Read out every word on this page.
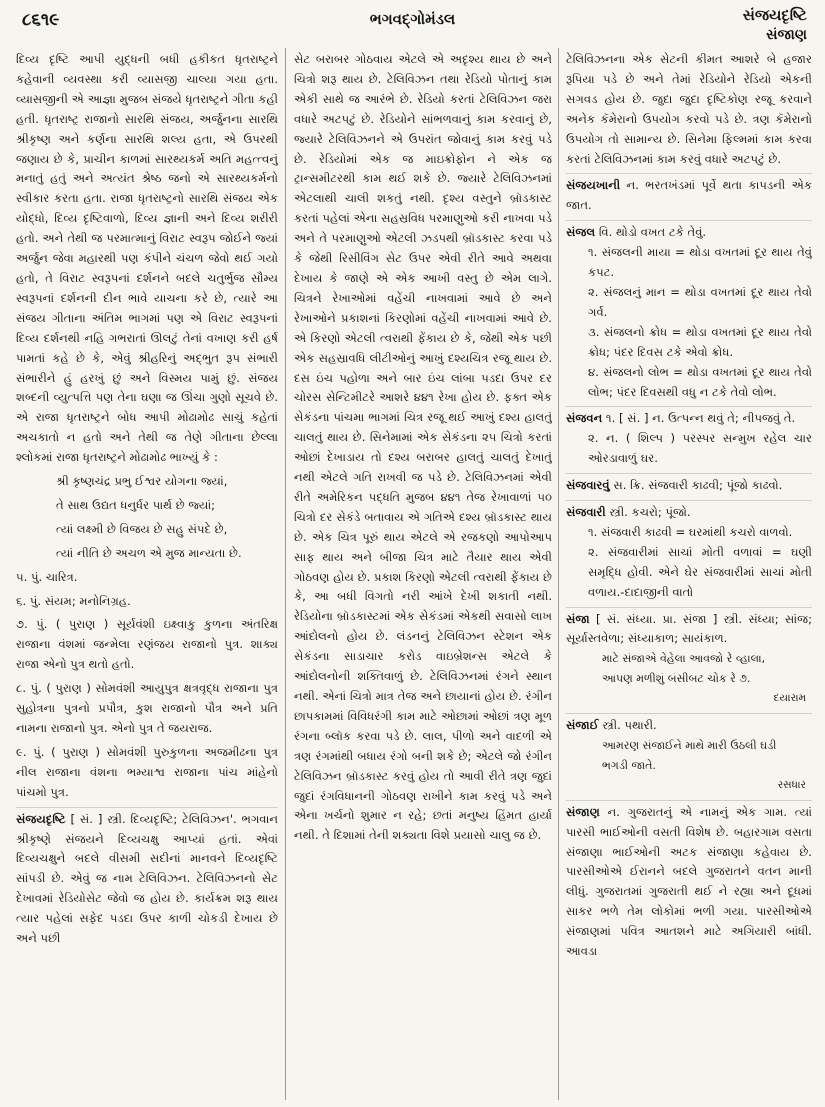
૮૬૧૯	ભગવદ્ગોમંડલ	સંજયદૃષ્ટિ
સંજાણ

દિવ્ય દૃષ્ટિ આપી યુદ્ધની બધી હકીકત ધૃતરાષ્ટ્રને કહેવાની વ્યવસ્થા કરી વ્યાસજી ચાલ્યા ગયા હતા. વ્યાસજીની એ આજ્ઞા મુજબ સંજયે ધૃતરાષ્ટ્રને ગીતા કહી હતી. ધૃતરાષ્ટ્ર રાજાનો સારથિ સંજય, અર્જુનના સારથિ શ્રીકૃષ્ણ અને કર્ણના સારથિ શલ્ય હતા, એ ઉપરથી જણાય છે કે, પ્રાચીન કાળમાં સારથ્યકર્મ અતિ મહત્ત્વનું મનાતું હતું અને અત્યંત શ્રેષ્ઠ જનો એ સારથ્યકર્મનો સ્વીકાર કરતા હતા. રાજા ધૃતરાષ્ટ્રનો સારથિ સંજય એક યોદ્ધો, દિવ્ય દૃષ્ટિવાળો, દિવ્ય જ્ઞાની અને દિવ્ય શરીરી હતો. અને તેથી જ પરમાત્માનું વિરાટ સ્વરૂપ જોઈને જ્યાં અર્જુન જેવા મહારથી પણ કંપીને ચંચળ જેવો થઈ ગયો હતો, તે વિરાટ સ્વરૂપનાં દર્શનને બદલે ચતુર્ભુજ સૌમ્ય સ્વરૂપનાં દર્શનની દીન ભાવે યાચના કરે છે, ત્યારે આ સંજય ગીતાના અંતિમ ભાગમાં પણ એ વિરાટ સ્વરૂપનાં દિવ્ય દર્શનથી નહિ ગભરાતાં ઊલટું તેનાં વખાણ કરી હર્ષ પામતાં કહે છે કે, એવું શ્રીહરિનું અદ્ભુત રૂપ સંભારી સંભારીને હું હરખું છું અને વિસ્મય પામું છું. સંજય શબ્દની વ્યુત્પત્તિ પણ તેના ઘણા જ ઊંચા ગુણો સૂચવે છે. એ રાજા ધૃતરાષ્ટ્રને બોધ આપી મોઢામોઢ સાચું કહેતાં અચકાતો ન હતો અને તેથી જ તેણે ગીતાના છેલ્લા શ્લોકમાં રાજા ધૃતરાષ્ટ્રને મોઢામોઢ ભાખ્યું કે :

શ્રી કૃષ્ણચંદ્ર પ્રભુ ઈશ્વર યોગના જ્યાં,

તે સાથ ઉદ્યત ધનુર્ધર પાર્થ છે જ્યાં;

ત્યાં લક્ષ્મી છે વિજય છે સહુ સંપદે છે,

ત્યાં નીતિ છે અચળ એ મુજ માન્યતા છે.

૫. પું. ચારિત્ર.

૬. પું. સંયમ; મનોનિગ્રહ.

૭. પું. ( પુરાણ ) સૂર્યવંશી ઇક્ષ્વાકુ કુળના અંતરિક્ષ રાજાના વંશમાં જન્મેલા રણંજય રાજાનો પુત્ર. શાક્ય રાજા એનો પુત્ર થતો હતો.

૮. પું. ( પુરાણ ) સોમવંશી આયુપુત્ર ક્ષત્રવૃદ્ધ રાજાના પુત્ર સુહોત્રના પુત્રનો પ્રપૌત્ર, કુશ રાજાનો પૌત્ર અને પ્રતિ નામના રાજાનો પુત્ર. એનો પુત્ર તે જયરાજ.

૯. પું. ( પુરાણ ) સોમવંશી પુરુકુળના અજમીઢના પુત્ર નીલ રાજાના વંશના ભમ્યાશ્વ રાજાના પાંચ માંહેનો પાંચમો પુત્ર.

સંજયદૃષ્ટિ [ સં. ] સ્ત્રી. દિવ્યદૃષ્ટિ; ટેલિવિઝન'. ભગવાન શ્રીકૃષ્ણે સંજયને દિવ્યચક્ષુ આપ્યાં હતાં. એવાં દિવ્યચક્ષુને બદલે વીસમી સદીનાં માનવને દિવ્યદૃષ્ટિ સાંપડી છે. એવું જ નામ ટેલિવિઝન. ટેલિવિઝનનો સેટ દેખાવમાં રેડિયોસેટ જેવો જ હોય છે. કાર્યક્રમ શરૂ થાય ત્યાર પહેલાં સફેદ પડદા ઉપર કાળી ચોકડી દેખાય છે અને પછી

સેટ બરાબર ગોઠવાય એટલે એ અદૃશ્ય થાય છે અને ચિત્રો શરૂ થાય છે. ટેલિવિઝન તથા રેડિયો પોતાનું કામ એકી સાથે જ આરંભે છે. રેડિયો કરતાં ટેલિવિઝન જરા વધારે અટપટું છે. રેડિયોને સાંભળવાનું કામ કરવાનું છે, જ્યારે ટેલિવિઝનને એ ઉપરાંત જોવાનું કામ કરવું પડે છે. રેડિયોમાં એક જ માઇક્રોફોન ને એક જ ટ્રાન્સમીટરથી કામ થઈ શકે છે. જ્યારે ટેલિવિઝનમાં એટલાથી ચાલી શકતું નથી. દૃશ્ય વસ્તુને બ્રૉડકાસ્ટ કરતાં પહેલાં એના સહસ્રવિધ પરમાણુઓ કરી નાખવા પડે અને તે પરમાણુઓ એટલી ઝડપથી બ્રૉડકાસ્ટ કરવા પડે કે જેથી રિસીવિંગ સેટ ઉપર એવી રીતે આવે અથવા દેખાય કે જાણે એ એક આખી વસ્તુ છે એમ લાગે. ચિત્રને રેખાઓમાં વહેંચી નાખવામાં આવે છે અને રેખાઓને પ્રકાશનાં કિરણોમાં વહેંચી નાખવામાં આવે છે. એ કિરણો એટલી ત્વરાથી ફેંકાય છે કે, જેથી એક પછી એક સહસ્રાવધિ લીટીઓનું આખું દશ્યચિત્ર રજૂ થાય છે. દસ ઇંચ પહોળા અને બાર ઇંચ લાંબા પડદા ઉપર દર ચોરસ સેન્ટિમીટરે આશરે ૪૪૧ રેખા હોય છે. ફક્ત એક સેકંડના પાંચમા ભાગમાં ચિત્ર રજૂ થઈ આખું દશ્ય હાલતું ચાલતું થાય છે. સિનેમામાં એક સેકંડના ૨૫ ચિત્રો કરતાં ઓછાં દેખાડાય તો દશ્ય બરાબર હાલતું ચાલતું દેખાતું નથી એટલે ગતિ રાખવી જ પડે છે. ટેલિવિઝનમાં એવી રીતે અમેરિકન પદ્ધતિ મુજબ ૪૪૧ તેજ રેખાવાળાં ૫૦ ચિત્રો દર સેકંડે બતાવાય એ ગતિએ દશ્ય બ્રૉડકાસ્ટ થાય છે. એક ચિત્ર પૂરું થાય એટલે એ રજકણો આપોઆપ સાફ થાય અને બીજા ચિત્ર માટે તૈયાર થાય એવી ગોઠવણ હોય છે. પ્રકાશ કિરણો એટલી ત્વરાથી ફેંકાય છે કે, આ બધી વિગતો નરી આંખે દેખી શકાતી નથી. રેડિયોના બ્રૉડકાસ્ટમાં એક સેકંડમાં એકથી સવાસો લાખ આંદોલનો હોય છે. લંડનનું ટેલિવિઝન સ્ટેશન એક સેકંડના સાડાચાર કરોડ વાઇબ્રેશન્સ એટલે કે આંદોલનોની શક્તિવાળું છે. ટેલિવિઝનમાં રંગને સ્થાન નથી. એનાં ચિત્રો માત્ર તેજ અને છાયાનાં હોય છે. રંગીન છાપકામમાં વિવિધરંગી કામ માટે ઓછામાં ઓછાં ત્રણ મૂળ રંગના બ્લૉક કરવા પડે છે. લાલ, પીળો અને વાદળી એ ત્રણ રંગમાંથી બધાય રંગો બની શકે છે; એટલે જો રંગીન ટેલિવિઝન બ્રૉડકાસ્ટ કરવું હોય તો આવી રીતે ત્રણ જુદાં જુદાં રંગવિધાનની ગોઠવણ રાખીને કામ કરવું પડે અને એના ખર્ચનો શુમાર ન રહે; છતાં મનુષ્ય હિંમત હાર્યા નથી. તે દિશામાં તેની શક્યતા વિશે પ્રયાસો ચાલુ જ છે.

ટેલિવિઝનના એક સેટની કીમત આશરે બે હજાર રૂપિયા પડે છે અને તેમાં રેડિયોને રેડિયો એકની સગવડ હોય છે. જુદા જુદા દૃષ્ટિકોણ રજૂ કરવાને અનેક કૅમેરાનો ઉપયોગ કરવો પડે છે. ત્રણ કૅમેરાનો ઉપયોગ તો સામાન્ય છે. સિનેમા ફિલ્મમાં કામ કરવા કરતાં ટેલિવિઝનમાં કામ કરવું વધારે અટપટું છે.

સંજયખાની ન. ભરતખંડમાં પૂર્વે થતા કાપડની એક જાત.
સંજલ વિ. થોડો વખત ટકે તેવું.
૧. સંજલની માયા = થોડા વખતમાં દૂર થાય તેવું કપટ.
૨. સંજલનું માન = થોડા વખતમાં દૂર થાય તેવો ગર્વ.
૩. સંજલનો ક્રોધ = થોડા વખતમાં દૂર થાય તેવો ક્રોધ; પંદર દિવસ ટકે એવો ક્રોધ.
૪. સંજલનો લોભ = થોડા વખતમાં દૂર થાય તેવો લોભ; પંદર દિવસથી વધુ ન ટકે તેવો લોભ.
સંજવન ૧. [ સં. ] ન. ઉત્પન્ન થવું તે; નીપજવું તે.
૨. ન. ( શિલ્પ ) પરસ્પર સન્મુખ રહેલ ચાર ઓરડાવાળું ઘર.
સંજવારવું સ. ક્રિ. સંજવારી કાઢવી; પૂંજો કાઢવો.
સંજવારી સ્ત્રી. કચરો; પૂંજો.
૧. સંજવારી કાઢવી = ઘરમાંથી કચરો વાળવો.
૨. સંજવારીમાં સાચાં મોતી વળાવાં = ઘણી સમૃદ્ધિ હોવી. એને ઘેર સંજવારીમાં સાચાં મોતી વળાય.-દાદાજીની વાતો
સંજા [ સં. સંધ્યા. પ્રા. સંજા ] સ્ત્રી. સંધ્યા; સાંજ; સૂર્યાસ્તવેળા; સંધ્યાકાળ; સાયંકાળ.
માટે સંજાએ વેહેલા આવજો રે વ્હાલા,
આપણ મળીશું બંસીબટ ચોક રે ૭.
દયારામ
સંજાઈ સ્ત્રી. પથારી.
આમરણ સંજાઈને માથે મારી ઉઠલી ઘડી
ભગડી જાતે.
રસધાર
સંજાણ ન. ગુજરાતનું એ નામનું એક ગામ. ત્યાં પારસી ભાઈઓની વસતી વિશેષ છે. બહારગામ વસતા સંજાણા ભાઈઓની અટક સંજાણા કહેવાય છે. પારસીઓએ ઈરાનને બદલે ગુજરાતને વતન માની લીધું. ગુજરાતમાં ગુજરાતી થઈ ને રહ્યા અને દૂધમાં સાકર ભળે તેમ લોકોમાં ભળી ગયા. પારસીઓએ સંજાણમાં પવિત્ર આતશને માટે અગિયારી બાંધી. આવડા
